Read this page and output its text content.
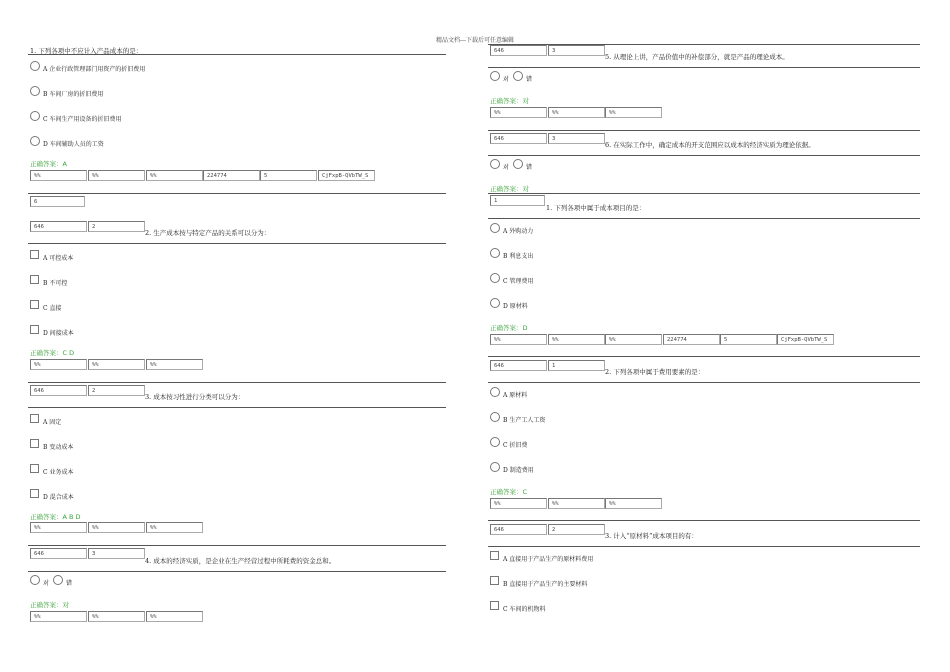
精品文档---下载后可任意编辑
1. 下列各项中不应计入产品成本的是：
A 企业行政管理部门用资产的折旧费用
B 车间厂房的折旧费用
C 车间生产用设备的折旧费用
D 车间辅助人员的工资
正确答案：A
%%	%%	%%	224774	5	CjFxpB-QVbTW_S
6
646	2
2. 生产成本按与特定产品的关系可以分为：
A 可控成本
B 不可控
C 直接
D 间接成本
正确答案：C D
%%	%%	%%
646	2
3. 成本按习性进行分类可以分为：
A 固定
B 变动成本
C 业务成本
D 混合成本
正确答案：A B D
%%	%%	%%
646	3
4. 成本的经济实质，是企业在生产经营过程中所耗费的资金总和。
对	错
正确答案：对
%%	%%	%%
646	3
5. 从理论上讲，产品价值中的补偿部分，就是产品的理论成本。
对	错
正确答案：对
%%	%%	%%
646	3
6. 在实际工作中，确定成本的开支范围应以成本的经济实质为理论依据。
对	错
正确答案：对
1
1. 下列各项中属于成本项目的是：
A 外购动力
B 利息支出
C 管理费用
D 原材料
正确答案：D
%%	%%	%%	224774	5	CjFxpB-QVbTW_S
646	1
2. 下列各项中属于费用要素的是：
A 原材料
B 生产工人工资
C 折旧费
D 制造费用
正确答案：C
%%	%%	%%
646	2
3. 计入“原材料”成本项目的有：
A 直接用于产品生产的原材料费用
B 直接用于产品生产的主要材料
C 车间的机物料
